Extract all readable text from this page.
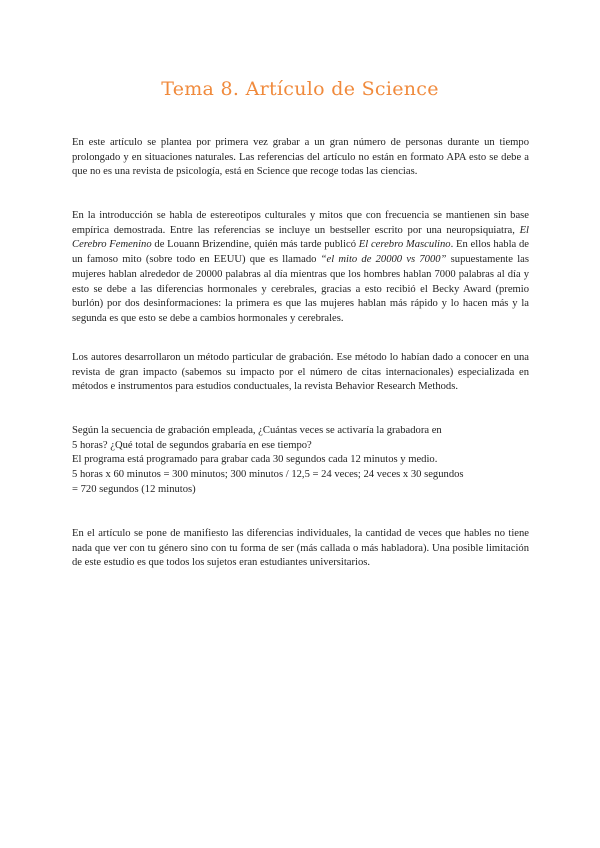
Tema 8. Artículo de Science

En este artículo se plantea por primera vez grabar a un gran número de personas durante un tiempo prolongado y en situaciones naturales. Las referencias del artículo no están en formato APA esto se debe a que no es una revista de psicología, está en Science que recoge todas las ciencias.

En la introducción se habla de estereotipos culturales y mitos que con frecuencia se mantienen sin base empírica demostrada. Entre las referencias se incluye un bestseller escrito por una neuropsiquiatra, El Cerebro Femenino de Louann Brizendine, quién más tarde publicó El cerebro Masculino. En ellos habla de un famoso mito (sobre todo en EEUU) que es llamado “el mito de 20000 vs 7000” supuestamente las mujeres hablan alrededor de 20000 palabras al día mientras que los hombres hablan 7000 palabras al día y esto se debe a las diferencias hormonales y cerebrales, gracias a esto recibió el Becky Award (premio burlón) por dos desinformaciones: la primera es que las mujeres hablan más rápido y lo hacen más y la segunda es que esto se debe a cambios hormonales y cerebrales.

Los autores desarrollaron un método particular de grabación. Ese método lo habían dado a conocer en una revista de gran impacto (sabemos su impacto por el número de citas internacionales) especializada en métodos e instrumentos para estudios conductuales, la revista Behavior Research Methods.

Según la secuencia de grabación empleada, ¿Cuántas veces se activaría la grabadora en
5 horas? ¿Qué total de segundos grabaría en ese tiempo?
El programa está programado para grabar cada 30 segundos cada 12 minutos y medio.
5 horas x 60 minutos = 300 minutos; 300 minutos / 12,5 = 24 veces; 24 veces x 30 segundos
= 720 segundos (12 minutos)

En el artículo se pone de manifiesto las diferencias individuales, la cantidad de veces que hables no tiene nada que ver con tu género sino con tu forma de ser (más callada o más habladora). Una posible limitación de este estudio es que todos los sujetos eran estudiantes universitarios.
